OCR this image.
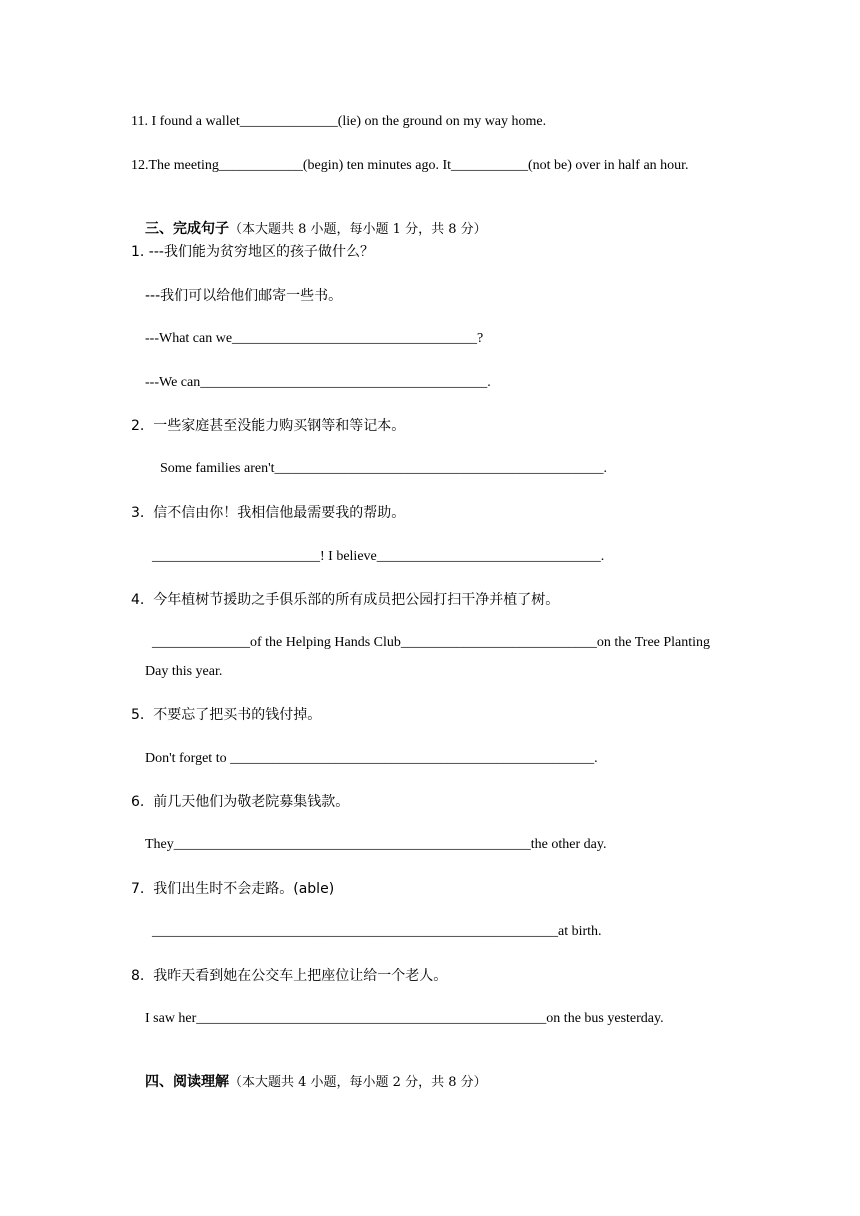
11. I found a wallet______________(lie) on the ground on my way home.
12.The meeting____________(begin) ten minutes ago. It___________(not be) over in half an hour.

三、完成句子（本大题共 8 小题，每小题 1 分，共 8 分）

1. ---我们能为贫穷地区的孩子做什么？
---我们可以给他们邮寄一些书。
---What can we___________________________________?
---We can_________________________________________.
2.  一些家庭甚至没能力购买钢等和等记本。
Some families aren't_______________________________________________.
3.  信不信由你！我相信他最需要我的帮助。
________________________! I believe________________________________.
4.  今年植树节援助之手俱乐部的所有成员把公园打扫干净并植了树。
______________of the Helping Hands Club____________________________on the Tree Planting
Day this year.
5.  不要忘了把买书的钱付掉。
Don't forget to ____________________________________________________.
6.  前几天他们为敬老院募集钱款。
They___________________________________________________the other day.
7.  我们出生时不会走路。(able)
__________________________________________________________at birth.
8.  我昨天看到她在公交车上把座位让给一个老人。
I saw her__________________________________________________on the bus yesterday.

四、阅读理解（本大题共 4 小题，每小题 2 分，共 8 分）
